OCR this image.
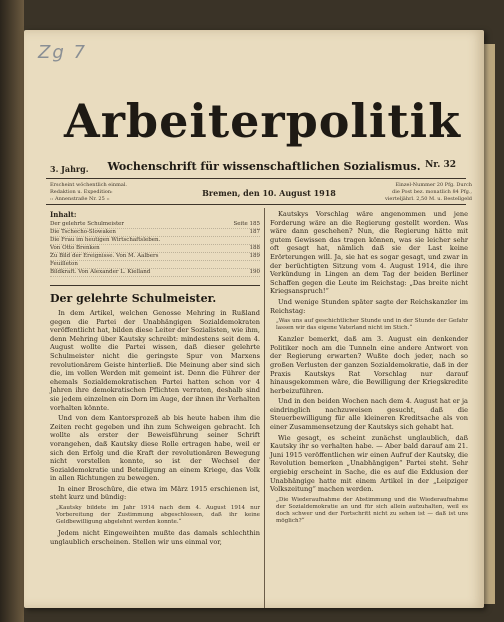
Zg 7
Arbeiterpolitik
3. Jahrg.	Wochenschrift für wissenschaftlichen Sozialismus. Nr. 32
Erscheint wöchentlich einmal.
Redaktion u. Expedition:
:: Annenstraße Nr. 25 ::
Bremen, den 10. August 1918
Einzel-Nummer 20 Pfg. Durch
die Post bez. monatlich 84 Pfg.,
vierteljährl. 2,50 M. u. Bestellgeld
Inhalt:
Der gelehrte Schulmeister	Seite 185
Die Tschecho-Slowaken	187
Die Frau im heutigen Wirtschaftsleben.
Von Otto Brenken	188
Zu Bild der Ereignisse. Von M. Aalbers	189
Feuilleton
Bildkraft. Von Alexander L. Kielland	190
Der gelehrte Schulmeister.

In dem Artikel, welchen Genosse Mehring in Rußland gegen die Partei der Unabhängigen Sozialdemokraten veröffentlicht hat, bilden diese Leiter der Sozialisten, wie ihm, denn Mehring über Kautsky schreibt: mindestens seit dem 4. August wollte die Partei wissen, daß dieser gelehrte Schulmeister nicht die geringste Spur von Marxens revolutionärem Geiste hinterließ. Die Meinung aber sind sich die, im vollen Werden mit gemeint ist. Denn die Führer der ehemals Sozialdemokratischen Partei hatten schon vor 4 Jahren ihre demokratischen Pflichten verraten, deshalb sind sie jedem einzelnen ein Dorn im Auge, der ihnen ihr Verhalten vorhalten könnte.

Und von dem Kantorsprozeß ab bis heute haben ihm die Zeiten recht gegeben und ihn zum Schweigen gebracht. Ich wollte als erster der Beweisführung seiner Schrift vorangehen, daß Kautsky diese Rolle ertragen habe, weil er sich den Erfolg und die Kraft der revolutionären Bewegung nicht vorstellen konnte, so ist der Wechsel der Sozialdemokratie und Beteiligung an einem Kriege, das Volk in allen Richtungen zu bewegen.

In einer Broschüre, die etwa im März 1915 erschienen ist, steht kurz und bündig:

„Kautsky bildete im Jahr 1914 nach dem 4. August 1914 nur Vorbereitung der Zustimmung abgeschlossen, daß ihr keine Geldbewilligung abgelehnt werden konnte.“

Jedem nicht Eingeweihten mußte das damals schlechthin unglaublich erscheinen. Stellen wir uns einmal vor,

Kautskys Vorschlag wäre angenommen und jene Forderung wäre an die Regierung gestellt worden. Was wäre dann geschehen? Nun, die Regierung hätte mit gutem Gewissen das tragen können, was sie leicher sehr oft gesagt hat, nämlich daß sie der Last keine Erörterungen will. Ja, sie hat es sogar gesagt, und zwar in der berüchtigten Sitzung vom 4. August 1914, die ihre Verkündung in Lingen an dem Tag der beiden Berliner Schaffen gegen die Leute im Reichstag: „Das breite nicht Kriegsanspruch!“

Und wenige Stunden später sagte der Reichskanzler im Reichstag:

„Was uns auf geschichtlicher Stunde und in der Stunde der Gefahr lassen wir das eigene Vaterland nicht im Stich.“

Kanzler bemerkt, daß am 3. August ein denkender Politiker noch am die Tunneln eine andere Antwort von der Regierung erwarten? Wußte doch jeder, nach so großen Verlusten der ganzen Sozialdemokratie, daß in der Praxis Kautskys Rat Vorschlag nur darauf hinausgekommen wäre, die Bewilligung der Kriegskredite herbeizuführen.

Und in den beiden Wochen nach dem 4. August hat er ja eindringlich nachzuweisen gesucht, daß die Steuerbewilligung für alle kleineren Kreditsache als von einer Zusammensetzung der Kautskys sich gehabt hat.

Wie gesagt, es scheint zunächst unglaublich, daß Kautsky ihr so verhalten habe. — Aber bald darauf am 21. Juni 1915 veröffentlichen wir einen Aufruf der Kautsky, die Revolution bemerken „Unabhängigen“ Partei steht. Sehr ergiebig erscheint in Sache, die es auf die Exklusion der Unabhängige hatte mit einem Artikel in der „Leipziger Volkszeitung“ machen werden.

„Die Wiederaufnahme der Abstimmung und die Wiederaufnahme der Sozialdemokratie an und für sich allein aufzuhalten, weil es doch schwer und der Fortschritt nicht zu sehen ist — daß ist uns möglich?“
